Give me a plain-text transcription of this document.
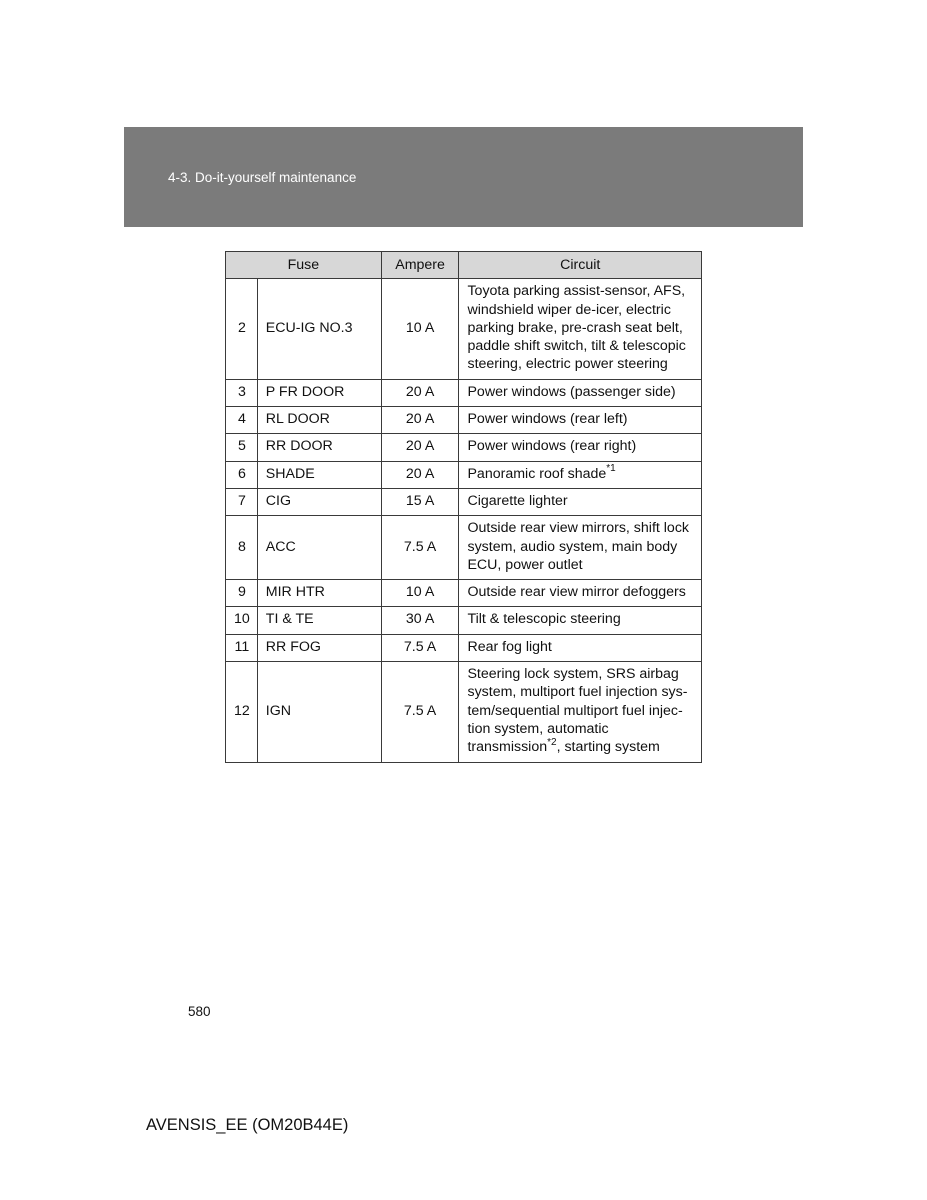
4-3. Do-it-yourself maintenance
Fuse		Ampere	Circuit
2	ECU-IG NO.3	10 A	Toyota parking assist-sensor, AFS, windshield wiper de-icer, electric parking brake, pre-crash seat belt, paddle shift switch, tilt & telescopic steering, electric power steering
3	P FR DOOR	20 A	Power windows (passenger side)
4	RL DOOR	20 A	Power windows (rear left)
5	RR DOOR	20 A	Power windows (rear right)
6	SHADE	20 A	Panoramic roof shade$^{*1}$
7	CIG	15 A	Cigarette lighter
8	ACC	7.5 A	Outside rear view mirrors, shift lock system, audio system, main body ECU, power outlet
9	MIR HTR	10 A	Outside rear view mirror defoggers
10	TI & TE	30 A	Tilt & telescopic steering
11	RR FOG	7.5 A	Rear fog light
12	IGN	7.5 A	Steering lock system, SRS airbag system, multiport fuel injection sys-tem/sequential multiport fuel injec-tion system, automatic transmission$^{*2}$, starting system
580
AVENSIS_EE (OM20B44E)
